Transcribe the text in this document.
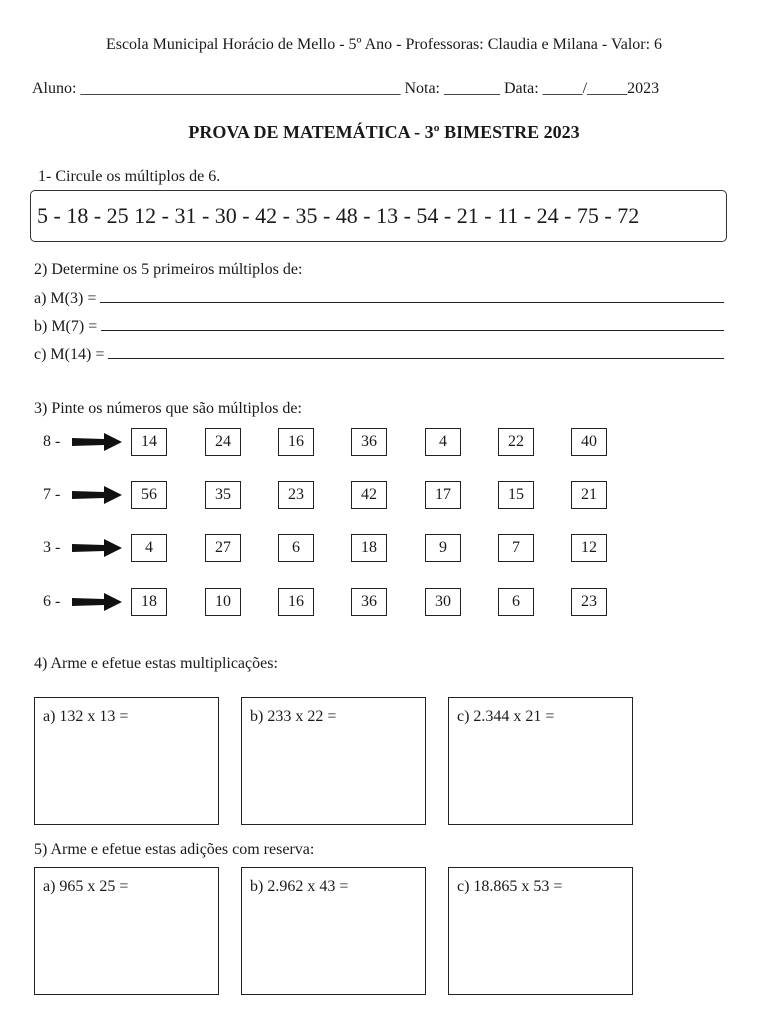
Escola Municipal Horácio de Mello - 5º Ano - Professoras: Claudia e Milana - Valor: 6
Aluno: ________________________________________ Nota: _______ Data: _____/_____2023
PROVA DE MATEMÁTICA - 3º BIMESTRE 2023
1- Circule os múltiplos de 6.
5 - 18 - 25 12 - 31 - 30 - 42 - 35 - 48 - 13 - 54 - 21 - 11 - 24 - 75 - 72
2) Determine os 5 primeiros múltiplos de:
a) M(3) =
b) M(7) =
c) M(14) =
3) Pinte os números que são múltiplos de:
8 -	14	24	16	36	4	22	40
7 -	56	35	23	42	17	15	21
3 -	4	27	6	18	9	7	12
6 -	18	10	16	36	30	6	23
4) Arme e efetue estas multiplicações:
a) 132 x 13 =	b) 233 x 22 =	c) 2.344 x 21 =
5) Arme e efetue estas adições com reserva:
a) 965 x 25 =	b) 2.962 x 43 =	c) 18.865 x 53 =
